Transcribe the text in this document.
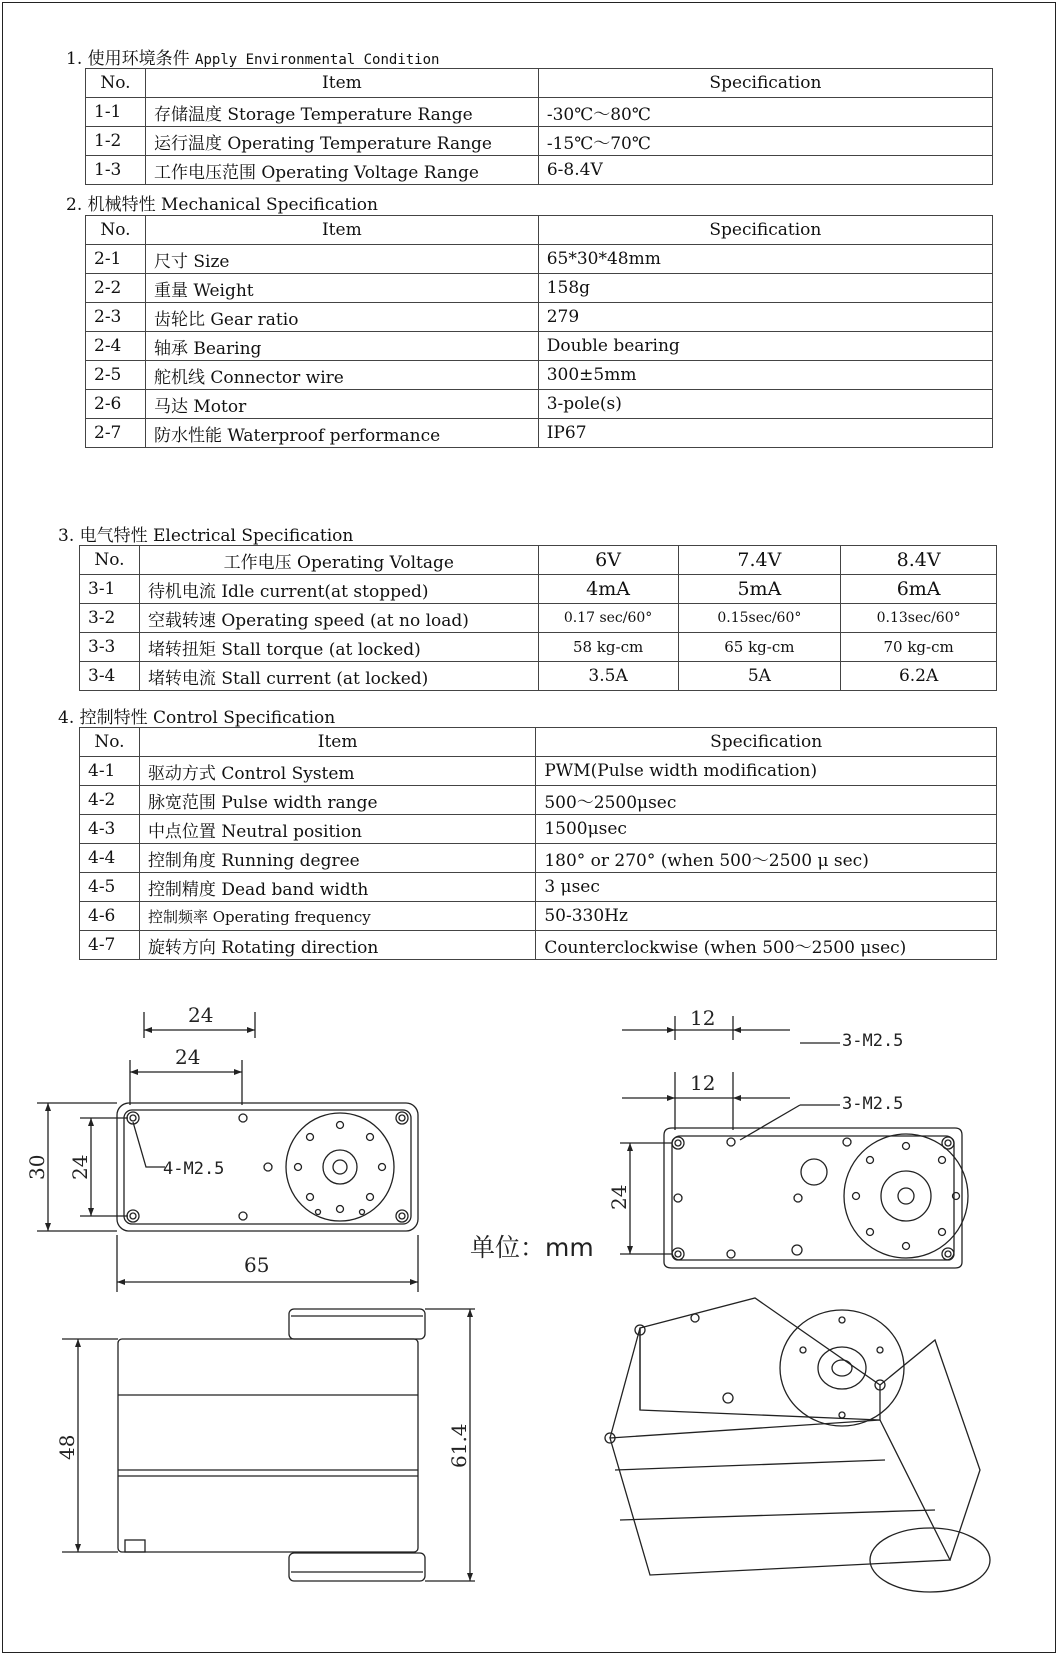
1. 使用环境条件 Apply Environmental Condition
No.	Item	Specification
1-1	存储温度 Storage Temperature Range	-30℃～80℃
1-2	运行温度 Operating Temperature Range	-15℃～70℃
1-3	工作电压范围 Operating Voltage Range	6-8.4V
2. 机械特性 Mechanical Specification
No.	Item	Specification
2-1	尺寸 Size	65*30*48mm
2-2	重量 Weight	158g
2-3	齿轮比 Gear ratio	279
2-4	轴承 Bearing	Double bearing
2-5	舵机线 Connector wire	300±5mm
2-6	马达 Motor	3-pole(s)
2-7	防水性能 Waterproof performance	IP67
3. 电气特性 Electrical Specification
No.	工作电压 Operating Voltage	6V	7.4V	8.4V
3-1	待机电流 Idle current(at stopped)	4mA	5mA	6mA
3-2	空载转速 Operating speed (at no load)	0.17 sec/60°	0.15sec/60°	0.13sec/60°
3-3	堵转扭矩 Stall torque (at locked)	58 kg-cm	65 kg-cm	70 kg-cm
3-4	堵转电流 Stall current (at locked)	3.5A	5A	6.2A
4. 控制特性 Control Specification
No.	Item	Specification
4-1	驱动方式 Control System	PWM(Pulse width modification)
4-2	脉宽范围 Pulse width range	500～2500μsec
4-3	中点位置 Neutral position	1500μsec
4-4	控制角度 Running degree	180° or 270° (when 500～2500 μ sec)
4-5	控制精度 Dead band width	3 μsec
4-6	控制频率 Operating frequency	50-330Hz
4-7	旋转方向 Rotating direction	Counterclockwise (when 500～2500 μsec)
24
24
65
4-M2.5
30 24
12
12
3-M2.5
3-M2.5
24
48	61.4
单位：mm
